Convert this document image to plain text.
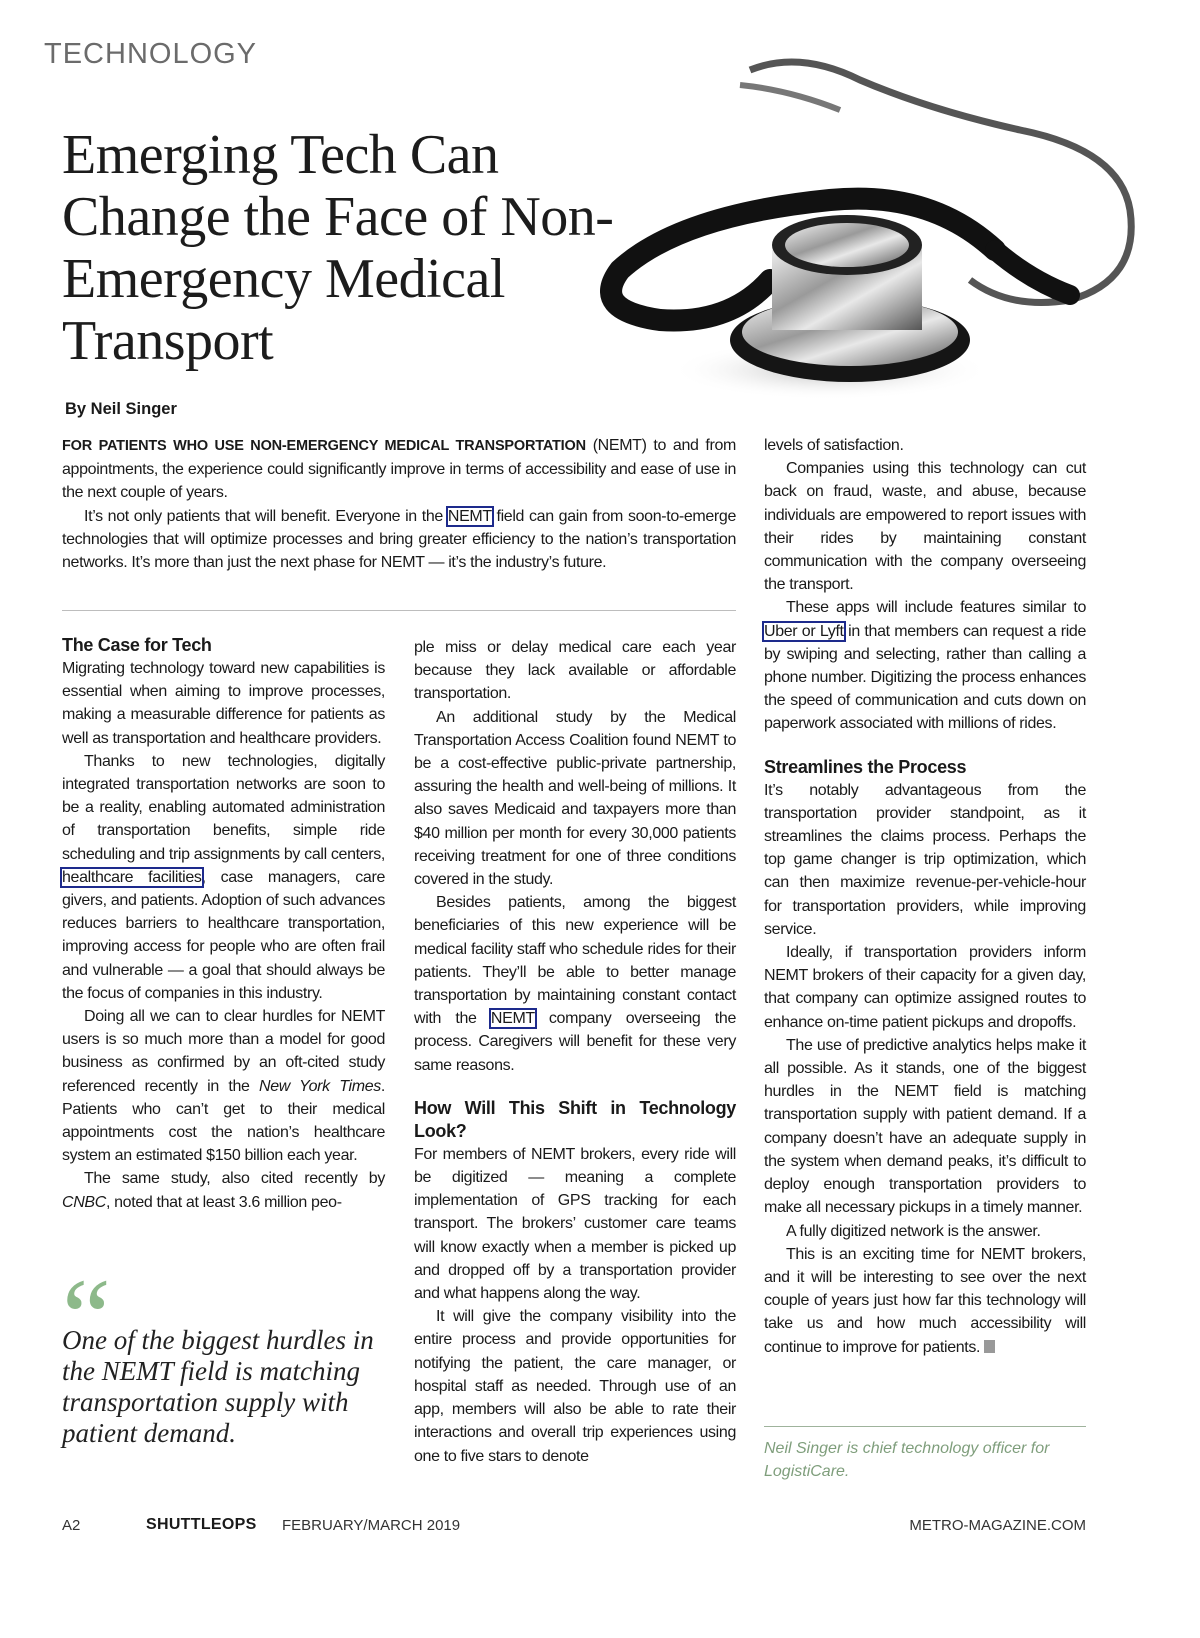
TECHNOLOGY
Emerging Tech Can Change the Face of Non-Emergency Medical Transport
By Neil Singer

FOR PATIENTS WHO USE NON-EMERGENCY MEDICAL TRANSPORTATION (NEMT) to and from appointments, the experience could significantly improve in terms of accessibility and ease of use in the next couple of years.

It’s not only patients that will benefit. Everyone in the NEMT field can gain from soon-to-emerge technologies that will optimize processes and bring greater efficiency to the nation’s transportation networks. It’s more than just the next phase for NEMT — it’s the industry’s future.

The Case for Tech

Migrating technology toward new capabilities is essential when aiming to improve processes, making a measurable difference for patients as well as transportation and healthcare providers.

Thanks to new technologies, digitally integrated transportation networks are soon to be a reality, enabling automated administration of transportation benefits, simple ride scheduling and trip assignments by call centers, healthcare facilities, case managers, care givers, and patients. Adoption of such advances reduces barriers to healthcare transportation, improving access for people who are often frail and vulnerable — a goal that should always be the focus of companies in this industry.

Doing all we can to clear hurdles for NEMT users is so much more than a model for good business as confirmed by an oft-cited study referenced recently in the New York Times. Patients who can’t get to their medical appointments cost the nation’s healthcare system an estimated $150 billion each year.

The same study, also cited recently by CNBC, noted that at least 3.6 million peo-

ple miss or delay medical care each year because they lack available or affordable transportation.

An additional study by the Medical Transportation Access Coalition found NEMT to be a cost-effective public-private partnership, assuring the health and well-being of millions. It also saves Medicaid and taxpayers more than $40 million per month for every 30,000 patients receiving treatment for one of three conditions covered in the study.

Besides patients, among the biggest beneficiaries of this new experience will be medical facility staff who schedule rides for their patients. They’ll be able to better manage transportation by maintaining constant contact with the NEMT company overseeing the process. Caregivers will benefit for these very same reasons.

How Will This Shift in Technology Look?

For members of NEMT brokers, every ride will be digitized — meaning a complete implementation of GPS tracking for each transport. The brokers’ customer care teams will know exactly when a member is picked up and dropped off by a transportation provider and what happens along the way.

It will give the company visibility into the entire process and provide opportunities for notifying the patient, the care manager, or hospital staff as needed. Through use of an app, members will also be able to rate their interactions and overall trip experiences using one to five stars to denote

levels of satisfaction.

Companies using this technology can cut back on fraud, waste, and abuse, because individuals are empowered to report issues with their rides by maintaining constant communication with the company overseeing the transport.

These apps will include features similar to Uber or Lyft in that members can request a ride by swiping and selecting, rather than calling a phone number. Digitizing the process enhances the speed of communication and cuts down on paperwork associated with millions of rides.

Streamlines the Process

It’s notably advantageous from the transportation provider standpoint, as it streamlines the claims process. Perhaps the top game changer is trip optimization, which can then maximize revenue-per-vehicle-hour for transportation providers, while improving service.

Ideally, if transportation providers inform NEMT brokers of their capacity for a given day, that company can optimize assigned routes to enhance on-time patient pickups and dropoffs.

The use of predictive analytics helps make it all possible. As it stands, one of the biggest hurdles in the NEMT field is matching transportation supply with patient demand. If a company doesn’t have an adequate supply in the system when demand peaks, it’s difficult to deploy enough transportation providers to make all necessary pickups in a timely manner.

A fully digitized network is the answer.

This is an exciting time for NEMT brokers, and it will be interesting to see over the next couple of years just how far this technology will take us and how much accessibility will continue to improve for patients.

“
One of the biggest hurdles in the NEMT field is matching transportation supply with patient demand.
Neil Singer is chief technology officer for LogistiCare.
A2	SHUTTLEOPS FEBRUARY/MARCH 2019	METRO-MAGAZINE.COM
